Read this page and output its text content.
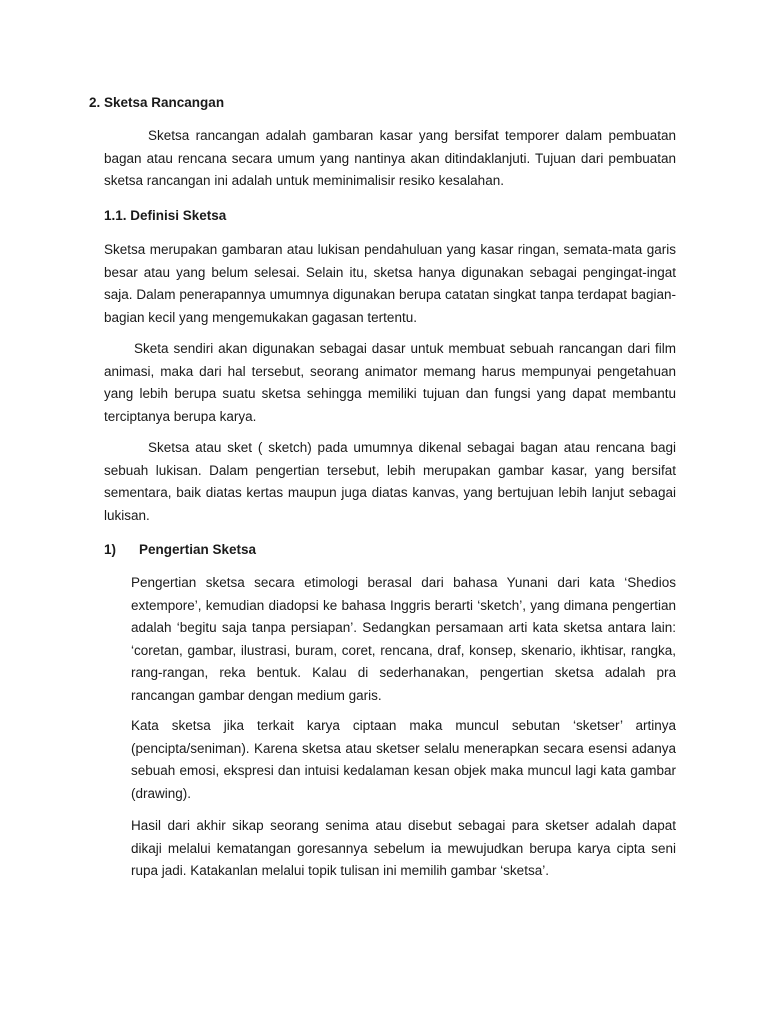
2. Sketsa Rancangan

Sketsa rancangan adalah gambaran kasar yang bersifat temporer dalam pembuatan bagan atau rencana secara umum yang nantinya akan ditindaklanjuti. Tujuan dari pembuatan sketsa rancangan ini adalah untuk meminimalisir resiko kesalahan.

1.1. Definisi Sketsa

Sketsa merupakan gambaran atau lukisan pendahuluan yang kasar ringan, semata-mata garis besar atau yang belum selesai. Selain itu, sketsa hanya digunakan sebagai pengingat-ingat saja. Dalam penerapannya umumnya digunakan berupa catatan singkat tanpa terdapat bagian-bagian kecil yang mengemukakan gagasan tertentu.

Sketa sendiri akan digunakan sebagai dasar untuk membuat sebuah rancangan dari film animasi, maka dari hal tersebut, seorang animator memang harus mempunyai pengetahuan yang lebih berupa suatu sketsa sehingga memiliki tujuan dan fungsi yang dapat membantu terciptanya berupa karya.

Sketsa atau sket ( sketch) pada umumnya dikenal sebagai bagan atau rencana bagi sebuah lukisan. Dalam pengertian tersebut, lebih merupakan gambar kasar, yang bersifat sementara, baik diatas kertas maupun juga diatas kanvas, yang bertujuan lebih lanjut sebagai lukisan.

1) Pengertian Sketsa

Pengertian sketsa secara etimologi berasal dari bahasa Yunani dari kata ‘Shedios extempore’, kemudian diadopsi ke bahasa Inggris berarti ‘sketch’, yang dimana pengertian adalah ‘begitu saja tanpa persiapan’. Sedangkan persamaan arti kata sketsa antara lain: ‘coretan, gambar, ilustrasi, buram, coret, rencana, draf, konsep, skenario, ikhtisar, rangka, rang-rangan, reka bentuk. Kalau di sederhanakan, pengertian sketsa adalah pra rancangan gambar dengan medium garis.

Kata sketsa jika terkait karya ciptaan maka muncul sebutan ‘sketser’ artinya (pencipta/seniman). Karena sketsa atau sketser selalu menerapkan secara esensi adanya sebuah emosi, ekspresi dan intuisi kedalaman kesan objek maka muncul lagi kata gambar (drawing).

Hasil dari akhir sikap seorang senima atau disebut sebagai para sketser adalah dapat dikaji melalui kematangan goresannya sebelum ia mewujudkan berupa karya cipta seni rupa jadi. Katakanlan melalui topik tulisan ini memilih gambar ‘sketsa’.
